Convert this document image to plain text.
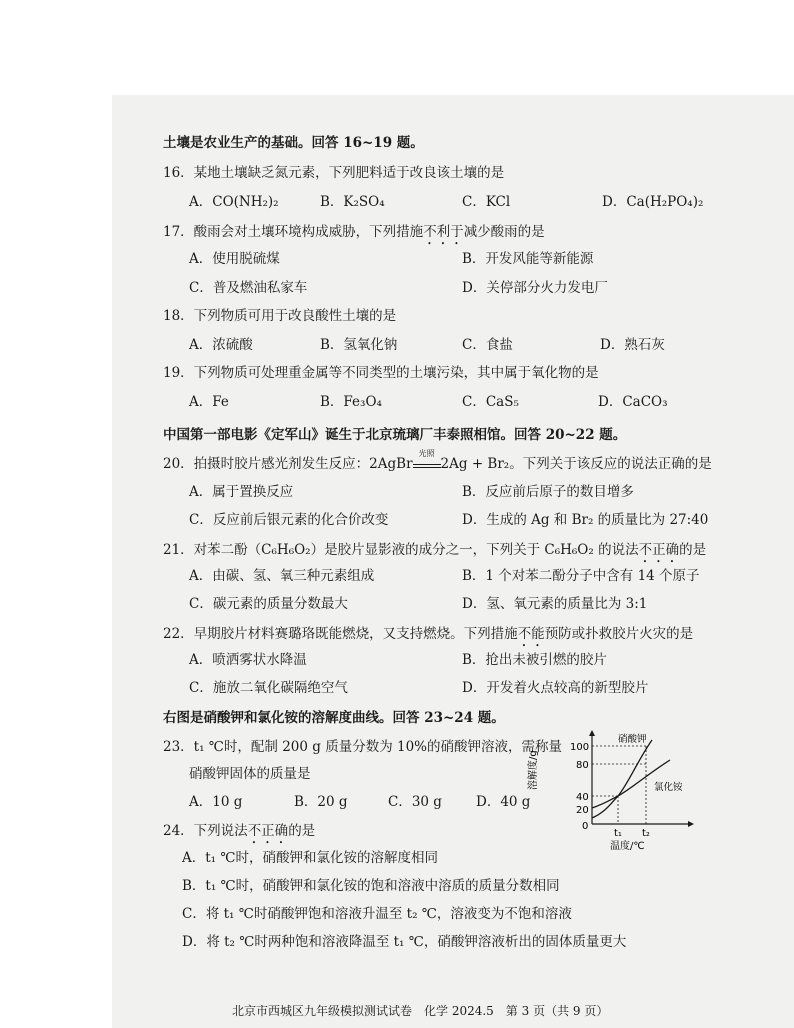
土壤是农业生产的基础。回答 16~19 题。
16．某地土壤缺乏氮元素，下列肥料适于改良该土壤的是
A．CO(NH₂)₂	B．K₂SO₄	C．KCl	D．Ca(H₂PO₄)₂
17．酸雨会对土壤环境构成威胁，下列措施不利于减少酸雨的是
A．使用脱硫煤	B．开发风能等新能源
C．普及燃油私家车	D．关停部分火力发电厂
18．下列物质可用于改良酸性土壤的是
A．浓硫酸	B．氢氧化钠	C．食盐	D．熟石灰
19．下列物质可处理重金属等不同类型的土壤污染，其中属于氧化物的是
A．Fe	B．Fe₃O₄	C．CaS₅	D．CaCO₃
中国第一部电影《定军山》诞生于北京琉璃厂丰泰照相馆。回答 20~22 题。
20．拍摄时胶片感光剂发生反应：2AgBr
光照
2Ag + Br₂。下列关于该反应的说法正确的是
A．属于置换反应	B．反应前后原子的数目增多
C．反应前后银元素的化合价改变	D．生成的 Ag 和 Br₂ 的质量比为 27:40
21．对苯二酚（C₆H₆O₂）是胶片显影液的成分之一，下列关于 C₆H₆O₂ 的说法不正确的是
A．由碳、氢、氧三种元素组成	B．1 个对苯二酚分子中含有 14 个原子
C．碳元素的质量分数最大	D．氢、氧元素的质量比为 3:1
22．早期胶片材料赛璐珞既能燃烧，又支持燃烧。下列措施不能预防或扑救胶片火灾的是
A．喷洒雾状水降温	B．抢出未被引燃的胶片
C．施放二氧化碳隔绝空气	D．开发着火点较高的新型胶片
右图是硝酸钾和氯化铵的溶解度曲线。回答 23~24 题。
23．t₁ ℃时，配制 200 g 质量分数为 10%的硝酸钾溶液，需称量
硝酸钾固体的质量是
A．10 g	B．20 g	C．30 g	D．40 g
24．下列说法不正确的是
A．t₁ ℃时，硝酸钾和氯化铵的溶解度相同
B．t₁ ℃时，硝酸钾和氯化铵的饱和溶液中溶质的质量分数相同
C．将 t₁ ℃时硝酸钾饱和溶液升温至 t₂ ℃，溶液变为不饱和溶液
D．将 t₂ ℃时两种饱和溶液降温至 t₁ ℃，硝酸钾溶液析出的固体质量更大
溶解度/g
100
80
40
20
0
硝酸钾
氯化铵
t₁ t₂
温度/℃
北京市西城区九年级模拟测试试卷　化学 2024.5　第 3 页（共 9 页）
